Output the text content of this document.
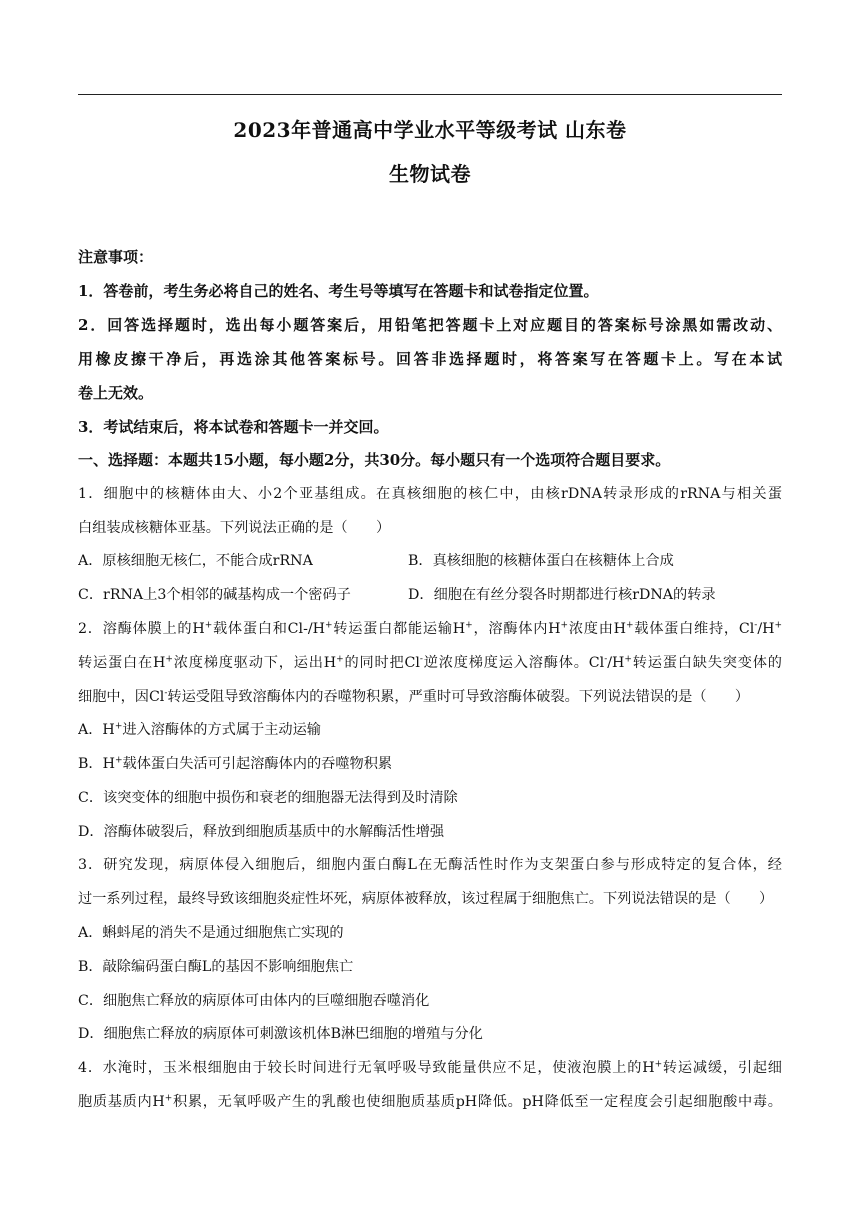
2023年普通高中学业水平等级考试 山东卷
生物试卷
注意事项：
1．答卷前，考生务必将自己的姓名、考生号等填写在答题卡和试卷指定位置。
2．回答选择题时，选出每小题答案后，用铅笔把答题卡上对应题目的答案标号涂黑如需改动、
用橡皮擦干净后，再选涂其他答案标号。回答非选择题时，将答案写在答题卡上。写在本试
卷上无效。
3．考试结束后，将本试卷和答题卡一并交回。
一、选择题：本题共15小题，每小题2分，共30分。每小题只有一个选项符合题目要求。
1．细胞中的核糖体由大、小2个亚基组成。在真核细胞的核仁中，由核rDNA转录形成的rRNA与相关蛋
白组装成核糖体亚基。下列说法正确的是（　　）
A．原核细胞无核仁，不能合成rRNA	B．真核细胞的核糖体蛋白在核糖体上合成
C．rRNA上3个相邻的碱基构成一个密码子	D．细胞在有丝分裂各时期都进行核rDNA的转录
2．溶酶体膜上的H+载体蛋白和Cl-/H+转运蛋白都能运输H+，溶酶体内H+浓度由H+载体蛋白维持，Cl-/H+
转运蛋白在H+浓度梯度驱动下，运出H+的同时把Cl-逆浓度梯度运入溶酶体。Cl-/H+转运蛋白缺失突变体的
细胞中，因Cl-转运受阻导致溶酶体内的吞噬物积累，严重时可导致溶酶体破裂。下列说法错误的是（　　）
A．H+进入溶酶体的方式属于主动运输
B．H+载体蛋白失活可引起溶酶体内的吞噬物积累
C．该突变体的细胞中损伤和衰老的细胞器无法得到及时清除
D．溶酶体破裂后，释放到细胞质基质中的水解酶活性增强
3．研究发现，病原体侵入细胞后，细胞内蛋白酶L在无酶活性时作为支架蛋白参与形成特定的复合体，经
过一系列过程，最终导致该细胞炎症性坏死，病原体被释放，该过程属于细胞焦亡。下列说法错误的是（　　）
A．蝌蚪尾的消失不是通过细胞焦亡实现的
B．敲除编码蛋白酶L的基因不影响细胞焦亡
C．细胞焦亡释放的病原体可由体内的巨噬细胞吞噬消化
D．细胞焦亡释放的病原体可刺激该机体B淋巴细胞的增殖与分化
4．水淹时，玉米根细胞由于较长时间进行无氧呼吸导致能量供应不足，使液泡膜上的H+转运减缓，引起细
胞质基质内H+积累，无氧呼吸产生的乳酸也使细胞质基质pH降低。pH降低至一定程度会引起细胞酸中毒。
